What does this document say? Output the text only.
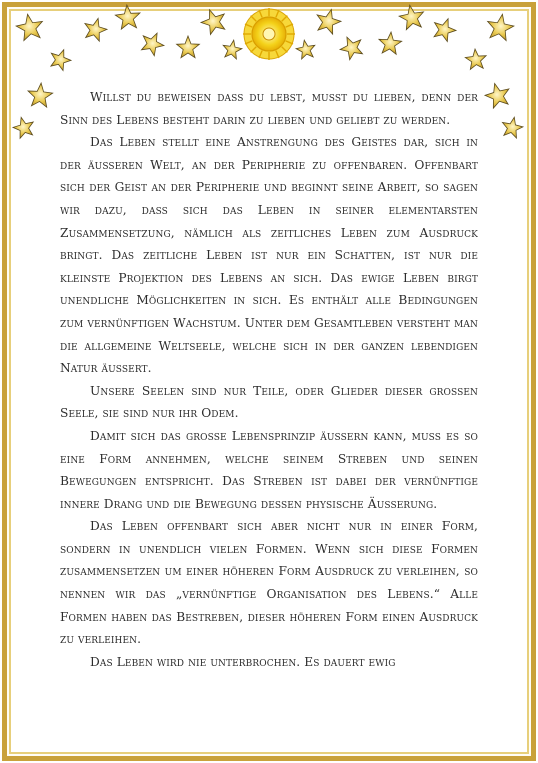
Willst du beweisen dass du lebst, musst du lieben, denn der Sinn des Lebens besteht darin zu lieben und geliebt zu werden.

Das Leben stellt eine Anstrengung des Geistes dar, sich in der äusseren Welt, an der Peripherie zu offenbaren. Offenbart sich der Geist an der Peripherie und beginnt seine Arbeit, so sagen wir dazu, dass sich das Leben in seiner elementarsten Zusammensetzung, nämlich als zeitliches Leben zum Ausdruck bringt. Das zeitliche Leben ist nur ein Schatten, ist nur die kleinste Projektion des Lebens an sich. Das ewige Leben birgt unendliche Möglichkeiten in sich. Es enthält alle Bedingungen zum vernünftigen Wachstum. Unter dem Gesamtleben versteht man die allgemeine Weltseele, welche sich in der ganzen lebendigen Natur äussert.

Unsere Seelen sind nur Teile, oder Glieder dieser grossen Seele, sie sind nur ihr Odem.

Damit sich das grosse Lebensprinzip äussern kann, muss es so eine Form annehmen, welche seinem Streben und seinen Bewegungen entspricht. Das Streben ist dabei der vernünftige innere Drang und die Bewegung dessen physische Äusserung.

Das Leben offenbart sich aber nicht nur in einer Form, sondern in unendlich vielen Formen. Wenn sich diese Formen zusammensetzen um einer höheren Form Ausdruck zu verleihen, so nennen wir das „vernünftige Organisation des Lebens.“ Alle Formen haben das Bestreben, dieser höheren Form einen Ausdruck zu verleihen.

Das Leben wird nie unterbrochen. Es dauert ewig
